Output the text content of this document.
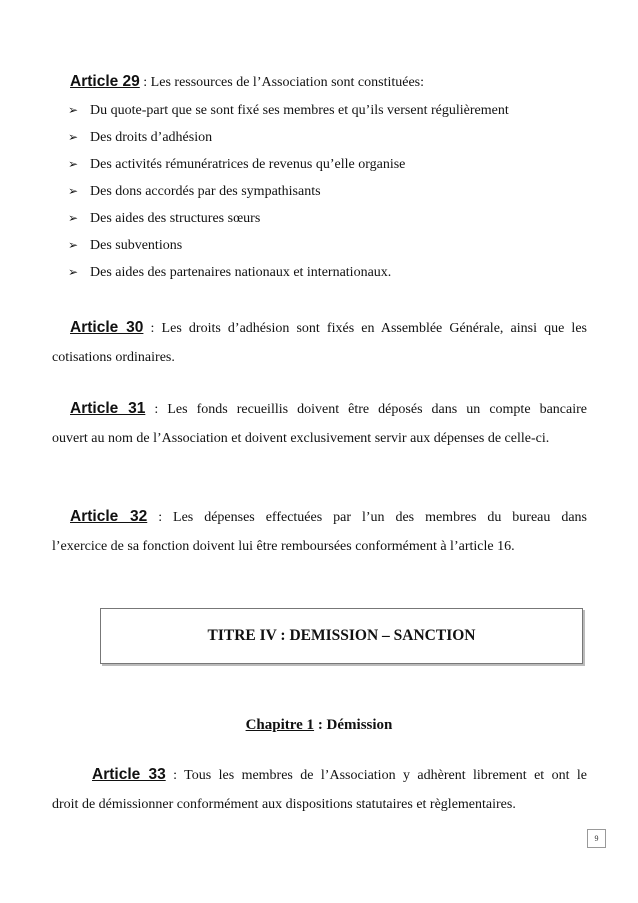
Article 29 : Les ressources de l’Association sont constituées:
➢ Du quote-part que se sont fixé ses membres et qu’ils versent régulièrement
➢ Des droits d’adhésion
➢ Des activités rémunératrices de revenus qu’elle organise
➢ Des dons accordés par des sympathisants
➢ Des aides des structures sœurs
➢ Des subventions
➢ Des aides des partenaires nationaux et internationaux.
Article 30 : Les droits d’adhésion sont fixés en Assemblée Générale, ainsi que les
cotisations ordinaires.
Article 31 : Les fonds recueillis doivent être déposés dans un compte bancaire
ouvert au nom de l’Association et doivent exclusivement servir aux dépenses de celle-ci.
Article 32 : Les dépenses effectuées par l’un des membres du bureau dans
l’exercice de sa fonction doivent lui être remboursées conformément à l’article 16.
TITRE IV : DEMISSION – SANCTION
Chapitre 1 : Démission
Article 33 : Tous les membres de l’Association y adhèrent librement et ont le
droit de démissionner conformément aux dispositions statutaires et règlementaires.
9
